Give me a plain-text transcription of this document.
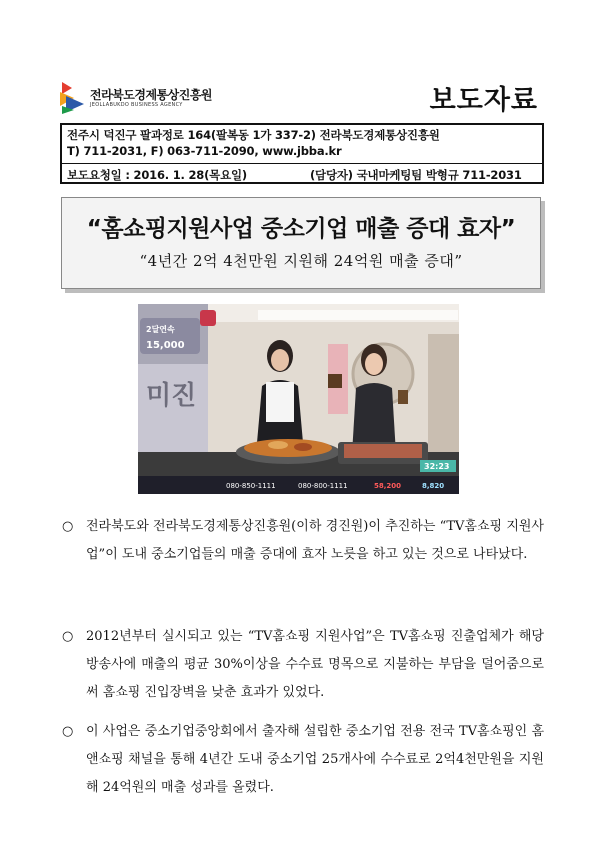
전라북도경제통상진흥원
JEOLLABUKDO BUSINESS AGENCY	보도자료
전주시 덕진구 팔과정로 164(팔복동 1가 337-2) 전라북도경제통상진흥원
T) 711-2031, F) 063-711-2090, www.jbba.kr
보도요청일 : 2016. 1. 28(목요일)	(담당자) 국내마케팅팀 박형규 711-2031
“홈쇼핑지원사업 중소기업 매출 증대 효자”
“4년간 2억 4천만원 지원해 24억원 매출 증대”
미진
2달연속
15,000
080-850-1111	080-800-1111
32:23
58,200	8,820
○ 전라북도와 전라북도경제통상진흥원(이하 경진원)이 추진하는 “TV홈쇼핑 지원사업”이 도내 중소기업들의 매출 증대에 효자 노릇을 하고 있는 것으로 나타났다.
○ 2012년부터 실시되고 있는 “TV홈쇼핑 지원사업”은 TV홈쇼핑 진출업체가 해당 방송사에 매출의 평균 30%이상을 수수료 명목으로 지불하는 부담을 덜어줌으로써 홈쇼핑 진입장벽을 낮춘 효과가 있었다.
○ 이 사업은 중소기업중앙회에서 출자해 설립한 중소기업 전용 전국 TV홈쇼핑인 홈앤쇼핑 채널을 통해 4년간 도내 중소기업 25개사에 수수료로 2억4천만원을 지원해 24억원의 매출 성과를 올렸다.
